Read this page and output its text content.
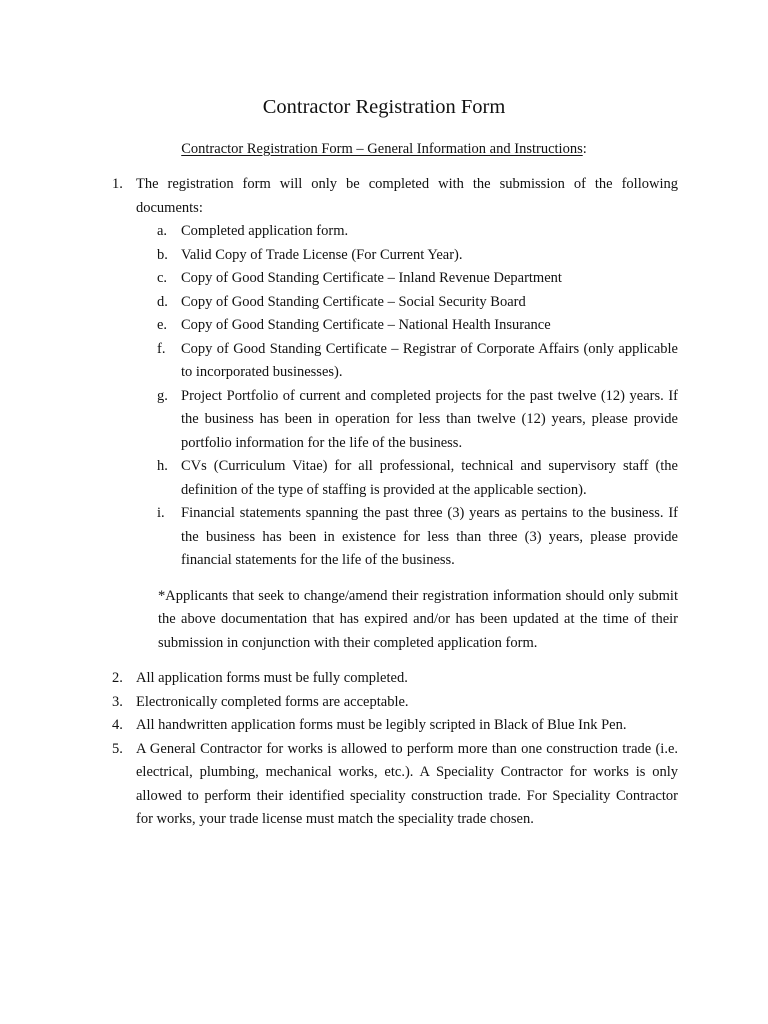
Contractor Registration Form
Contractor Registration Form – General Information and Instructions:
1. The registration form will only be completed with the submission of the following documents:
a. Completed application form.
b. Valid Copy of Trade License (For Current Year).
c. Copy of Good Standing Certificate – Inland Revenue Department
d. Copy of Good Standing Certificate – Social Security Board
e. Copy of Good Standing Certificate – National Health Insurance
f. Copy of Good Standing Certificate – Registrar of Corporate Affairs (only applicable to incorporated businesses).
g. Project Portfolio of current and completed projects for the past twelve (12) years. If the business has been in operation for less than twelve (12) years, please provide portfolio information for the life of the business.
h. CVs (Curriculum Vitae) for all professional, technical and supervisory staff (the definition of the type of staffing is provided at the applicable section).
i. Financial statements spanning the past three (3) years as pertains to the business. If the business has been in existence for less than three (3) years, please provide financial statements for the life of the business.
*Applicants that seek to change/amend their registration information should only submit the above documentation that has expired and/or has been updated at the time of their submission in conjunction with their completed application form.
2. All application forms must be fully completed.
3. Electronically completed forms are acceptable.
4. All handwritten application forms must be legibly scripted in Black of Blue Ink Pen.
5. A General Contractor for works is allowed to perform more than one construction trade (i.e. electrical, plumbing, mechanical works, etc.). A Speciality Contractor for works is only allowed to perform their identified speciality construction trade. For Speciality Contractor for works, your trade license must match the speciality trade chosen.
